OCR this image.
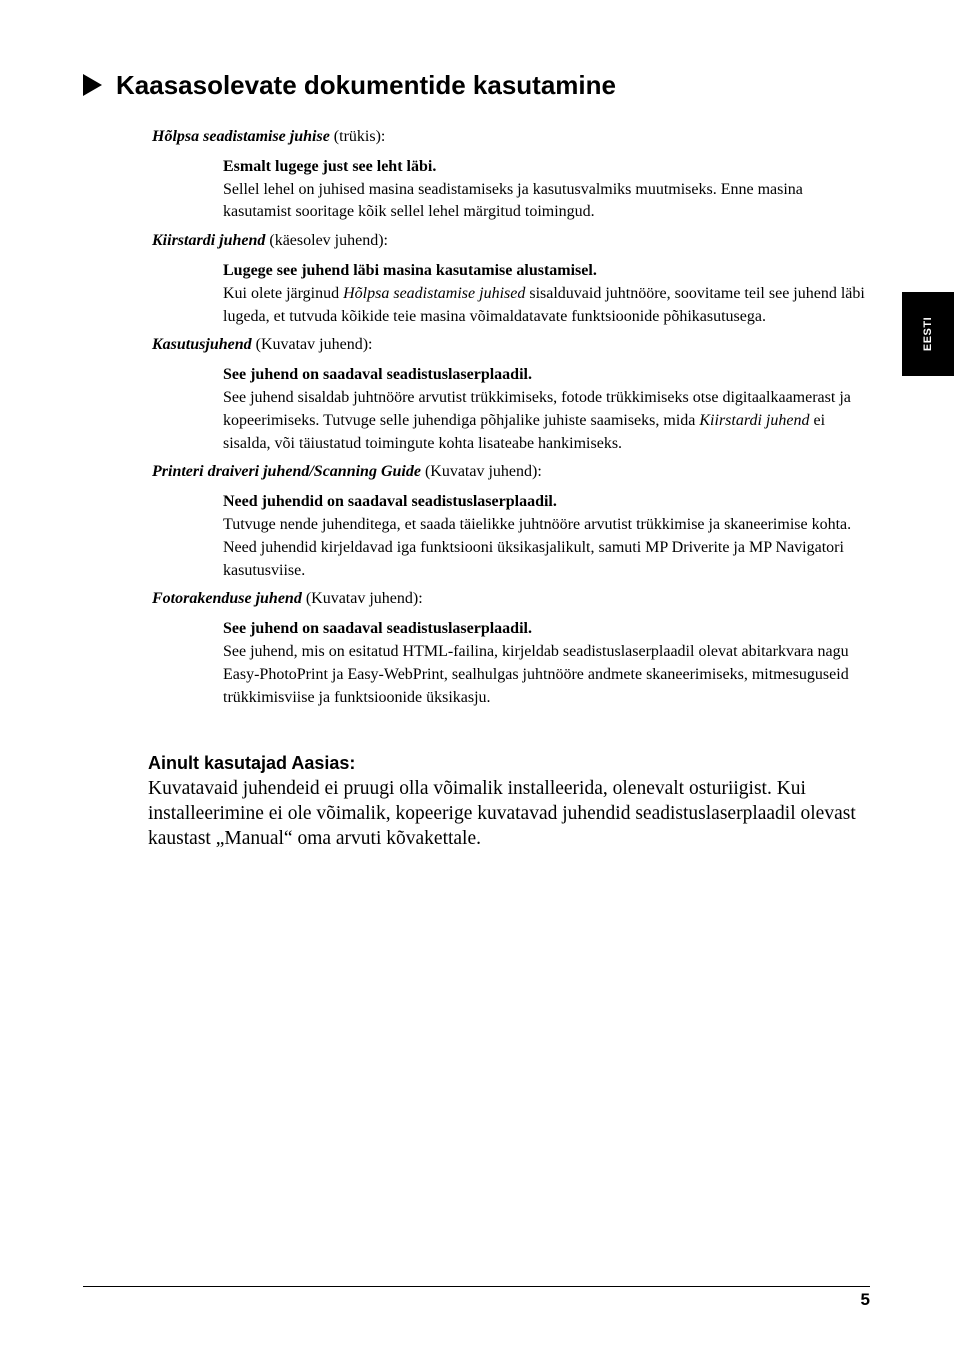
Kaasasolevate dokumentide kasutamine
EESTI

Hõlpsa seadistamise juhise (trükis):

Esmalt lugege just see leht läbi.
Sellel lehel on juhised masina seadistamiseks ja kasutusvalmiks muutmiseks. Enne masina kasutamist sooritage kõik sellel lehel märgitud toimingud.

Kiirstardi juhend (käesolev juhend):

Lugege see juhend läbi masina kasutamise alustamisel.
Kui olete järginud Hõlpsa seadistamise juhised sisalduvaid juhtnööre, soovitame teil see juhend läbi lugeda, et tutvuda kõikide teie masina võimaldatavate funktsioonide põhikasutusega.

Kasutusjuhend (Kuvatav juhend):

See juhend on saadaval seadistuslaserplaadil.
See juhend sisaldab juhtnööre arvutist trükkimiseks, fotode trükkimiseks otse digitaalkaamerast ja kopeerimiseks. Tutvuge selle juhendiga põhjalike juhiste saamiseks, mida Kiirstardi juhend ei sisalda, või täiustatud toimingute kohta lisateabe hankimiseks.

Printeri draiveri juhend/Scanning Guide (Kuvatav juhend):

Need juhendid on saadaval seadistuslaserplaadil.
Tutvuge nende juhenditega, et saada täielikke juhtnööre arvutist trükkimise ja skaneerimise kohta. Need juhendid kirjeldavad iga funktsiooni üksikasjalikult, samuti MP Driverite ja MP Navigatori kasutusviise.

Fotorakenduse juhend (Kuvatav juhend):

See juhend on saadaval seadistuslaserplaadil.
See juhend, mis on esitatud HTML-failina, kirjeldab seadistuslaserplaadil olevat abitarkvara nagu Easy-PhotoPrint ja Easy-WebPrint, sealhulgas juhtnööre andmete skaneerimiseks, mitmesuguseid trükkimisviise ja funktsioonide üksikasju.
Ainult kasutajad Aasias:
Kuvatavaid juhendeid ei pruugi olla võimalik installeerida, olenevalt osturiigist. Kui installeerimine ei ole võimalik, kopeerige kuvatavad juhendid seadistuslaserplaadil olevast kaustast „Manual“ oma arvuti kõvakettale.
5
